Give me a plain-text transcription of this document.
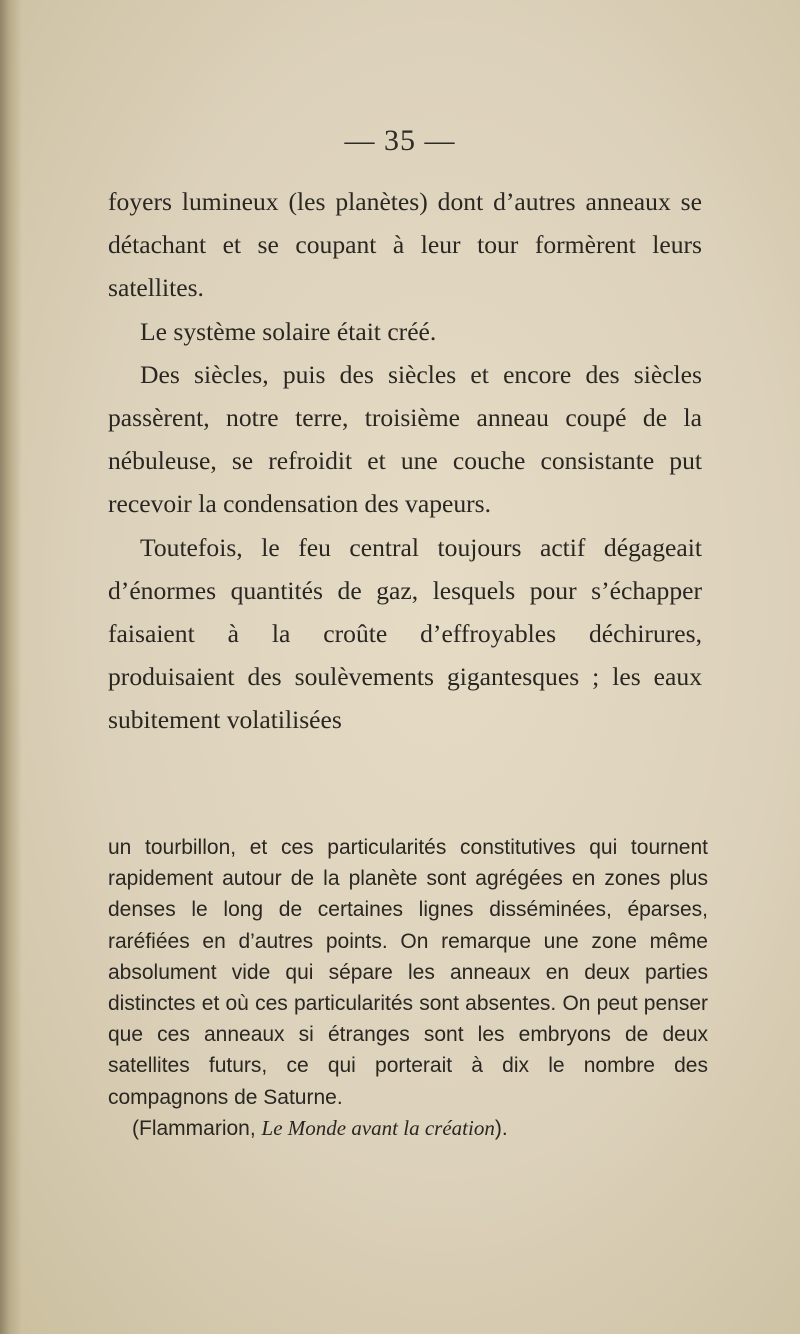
— 35 —

foyers lumineux (les planètes) dont d’autres anneaux se détachant et se coupant à leur tour formèrent leurs satellites.

Le système solaire était créé.

Des siècles, puis des siècles et encore des siècles passèrent, notre terre, troisième anneau coupé de la nébuleuse, se refroidit et une couche consistante put recevoir la condensation des vapeurs.

Toutefois, le feu central toujours actif dégageait d’énormes quantités de gaz, lesquels pour s’échapper faisaient à la croûte d’effroyables déchirures, produisaient des soulèvements gigantesques ; les eaux subitement volatilisées

un tourbillon, et ces particularités constitutives qui tournent rapidement autour de la planète sont agrégées en zones plus denses le long de certaines lignes disséminées, éparses, raréfiées en d’autres points. On remarque une zone même absolument vide qui sépare les anneaux en deux parties distinctes et où ces particularités sont absentes. On peut penser que ces anneaux si étranges sont les embryons de deux satellites futurs, ce qui porterait à dix le nombre des compagnons de Saturne.

(Flammarion, Le Monde avant la création).
